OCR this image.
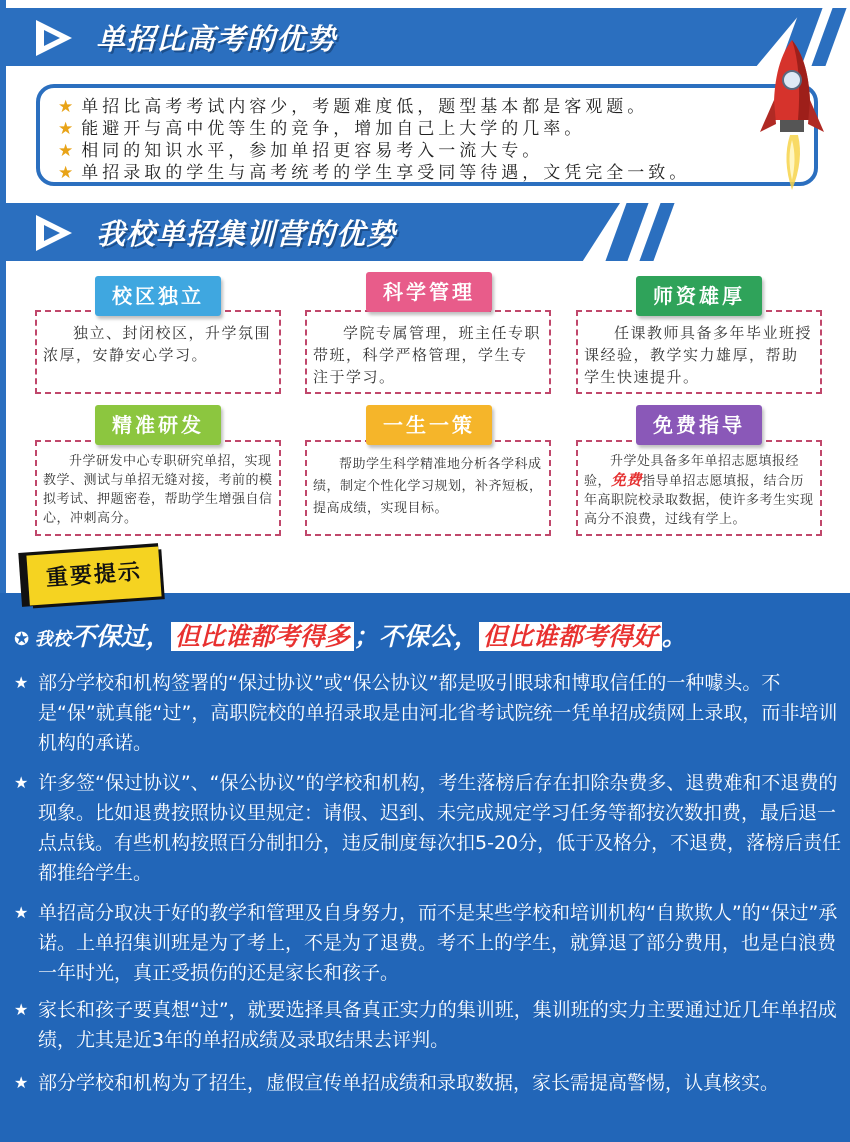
单招比高考的优势
★ 单招比高考考试内容少，考题难度低，题型基本都是客观题。
★ 能避开与高中优等生的竞争，增加自己上大学的几率。
★ 相同的知识水平，参加单招更容易考入一流大专。
★ 单招录取的学生与高考统考的学生享受同等待遇，文凭完全一致。
我校单招集训营的优势
独立、封闭校区，升学氛围浓厚，安静安心学习。
校区独立
学院专属管理，班主任专职带班，科学严格管理，学生专注于学习。
科学管理
任课教师具备多年毕业班授课经验，教学实力雄厚，帮助学生快速提升。
师资雄厚
升学研发中心专职研究单招，实现教学、测试与单招无缝对接，考前的模拟考试、押题密卷，帮助学生增强自信心，冲刺高分。
精准研发
帮助学生科学精准地分析各学科成绩，制定个性化学习规划，补齐短板，提高成绩，实现目标。
一生一策
升学处具备多年单招志愿填报经验，免费指导单招志愿填报，结合历年高职院校录取数据，使许多考生实现高分不浪费，过线有学上。
免费指导
重要提示
✪ 我校不保过， 但比谁都考得多 ；不保公， 但比谁都考得好 。
★ 部分学校和机构签署的“保过协议”或“保公协议”都是吸引眼球和博取信任的一种噱头。不是“保”就真能“过”，高职院校的单招录取是由河北省考试院统一凭单招成绩网上录取，而非培训机构的承诺。
★ 许多签“保过协议”、“保公协议”的学校和机构，考生落榜后存在扣除杂费多、退费难和不退费的现象。比如退费按照协议里规定：请假、迟到、未完成规定学习任务等都按次数扣费，最后退一点点钱。有些机构按照百分制扣分，违反制度每次扣5-20分，低于及格分，不退费，落榜后责任都推给学生。
★ 单招高分取决于好的教学和管理及自身努力，而不是某些学校和培训机构“自欺欺人”的“保过”承诺。上单招集训班是为了考上，不是为了退费。考不上的学生，就算退了部分费用，也是白浪费一年时光，真正受损伤的还是家长和孩子。
★ 家长和孩子要真想“过”，就要选择具备真正实力的集训班，集训班的实力主要通过近几年单招成绩，尤其是近3年的单招成绩及录取结果去评判。
★ 部分学校和机构为了招生，虚假宣传单招成绩和录取数据，家长需提高警惕，认真核实。
